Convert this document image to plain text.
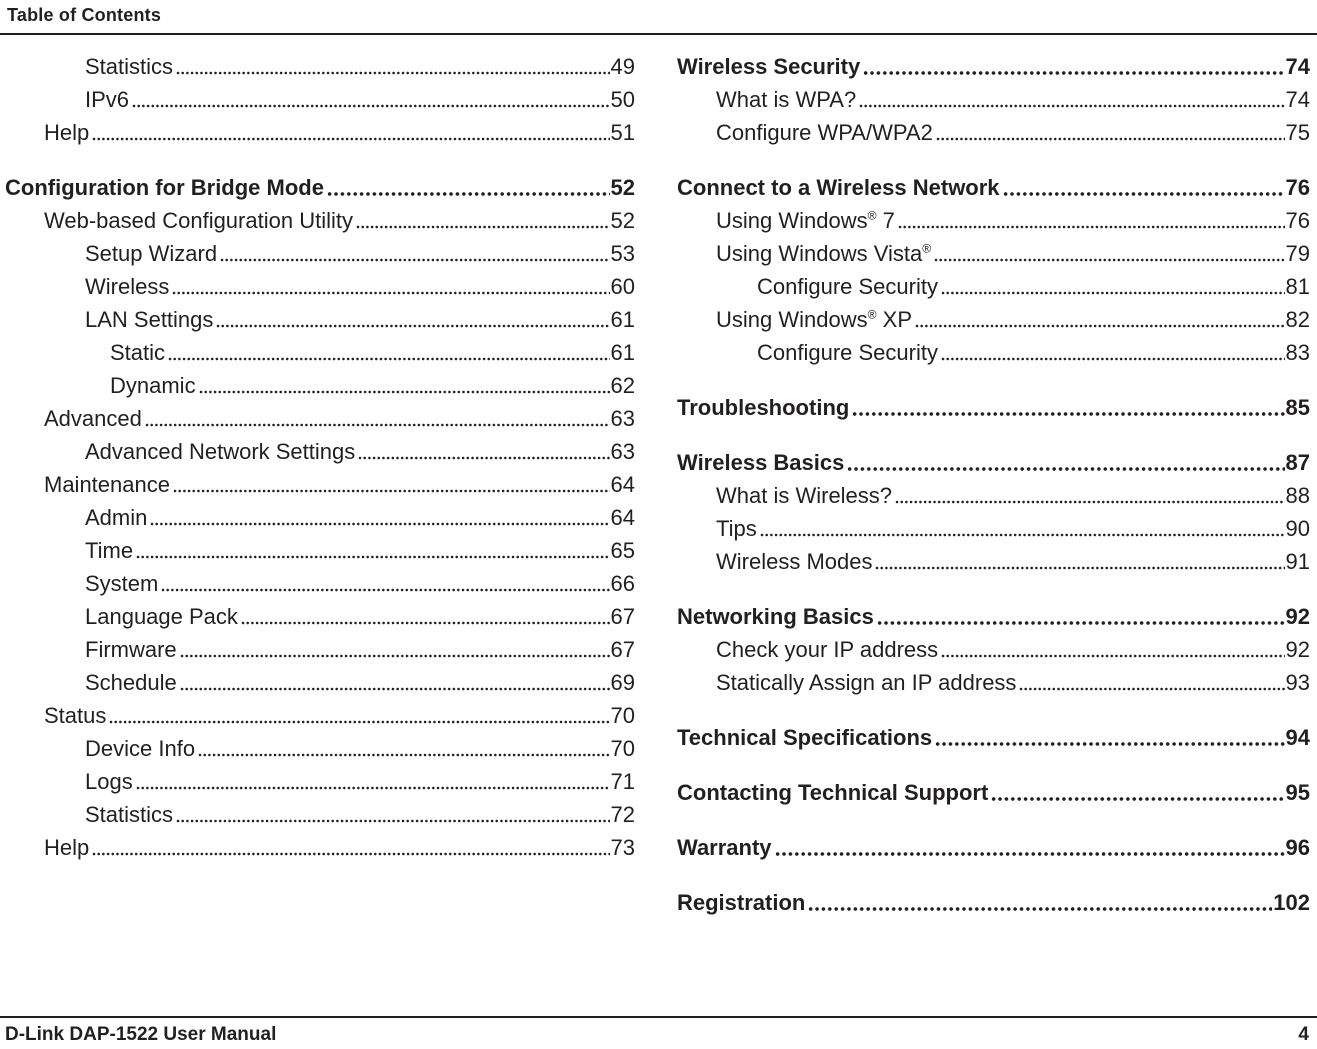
Table of Contents
Statistics	49
IPv6	50
Help	51
Configuration for Bridge Mode	52
Web-based Configuration Utility	52
Setup Wizard	53
Wireless	60
LAN Settings	61
Static	61
Dynamic	62
Advanced	63
Advanced Network Settings	63
Maintenance	64
Admin	64
Time	65
System	66
Language Pack	67
Firmware	67
Schedule	69
Status	70
Device Info	70
Logs	71
Statistics	72
Help	73
Wireless Security	74
What is WPA?	74
Configure WPA/WPA2	75
Connect to a Wireless Network	76
Using Windows® 7	76
Using Windows Vista®	79
Configure Security	81
Using Windows® XP	82
Configure Security	83
Troubleshooting	85
Wireless Basics	87
What is Wireless?	88
Tips	90
Wireless Modes	91
Networking Basics	92
Check your IP address	92
Statically Assign an IP address	93
Technical Specifications	94
Contacting Technical Support	95
Warranty	96
Registration	102
D-Link DAP-1522 User Manual	4
